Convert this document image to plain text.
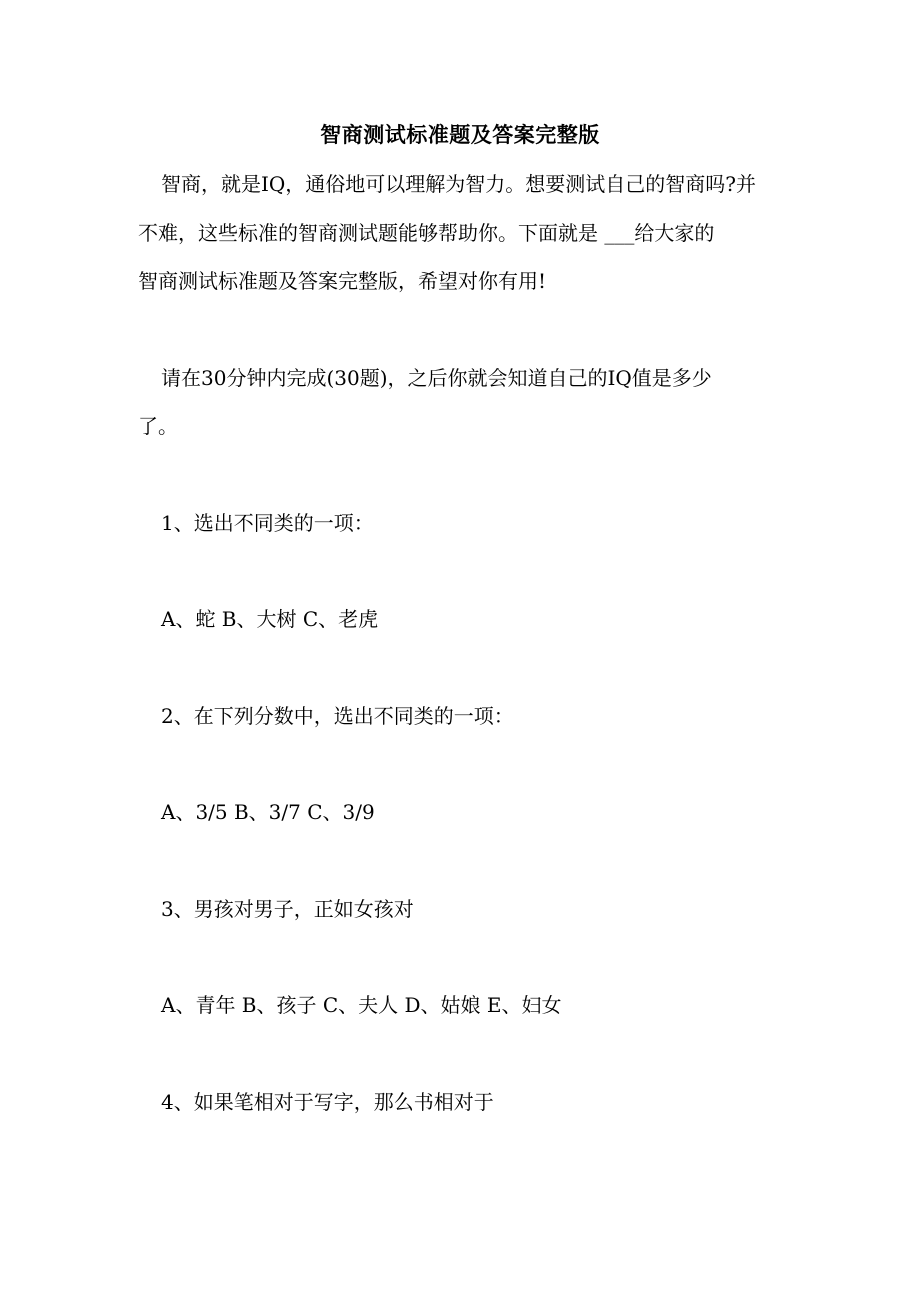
智商测试标准题及答案完整版
智商，就是IQ，通俗地可以理解为智力。想要测试自己的智商吗?并
不难，这些标准的智商测试题能够帮助你。下面就是 ___给大家的
智商测试标准题及答案完整版，希望对你有用!
请在30分钟内完成(30题)，之后你就会知道自己的IQ值是多少
了。
1、选出不同类的一项：
A、蛇 B、大树 C、老虎
2、在下列分数中，选出不同类的一项：
A、3/5 B、3/7 C、3/9
3、男孩对男子，正如女孩对
A、青年 B、孩子 C、夫人 D、姑娘 E、妇女
4、如果笔相对于写字，那么书相对于
